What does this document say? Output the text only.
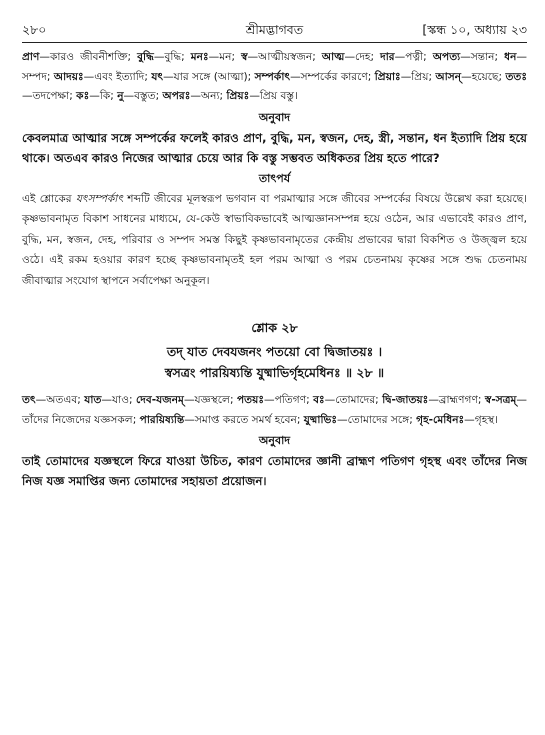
২৮০	শ্রীমদ্ভাগবত	[স্কন্ধ ১০, অধ্যায় ২৩

প্রাণ—কারও জীবনীশক্তি; বুদ্ধি—বুদ্ধি; মনঃ—মন; স্ব—আত্মীয়স্বজন; আত্ম—দেহ; দার—পত্নী; অপত্য—সন্তান; ধন—সম্পদ; আদয়ঃ—এবং ইত্যাদি; যৎ—যার সঙ্গে (আত্মা); সম্পর্কাৎ—সম্পর্কের কারণে; প্রিয়াঃ—প্রিয়; আসন্—হয়েছে; ততঃ—তদপেক্ষা; কঃ—কি; নু—বস্তুত; অপরঃ—অন্য; প্রিয়ঃ—প্রিয় বস্তু।

অনুবাদ

কেবলমাত্র আত্মার সঙ্গে সম্পর্কের ফলেই কারও প্রাণ, বুদ্ধি, মন, স্বজন, দেহ, স্ত্রী, সন্তান, ধন ইত্যাদি প্রিয় হয়ে থাকে। অতএব কারও নিজের আত্মার চেয়ে আর কি বস্তু সম্ভবত অধিকতর প্রিয় হতে পারে?

তাৎপর্য

এই শ্লোকের যৎসম্পর্কাৎ শব্দটি জীবের মূলস্বরূপ ভগবান বা পরমাত্মার সঙ্গে জীবের সম্পর্কের বিষয়ে উল্লেখ করা হয়েছে। কৃষ্ণভাবনামৃত বিকাশ সাধনের মাধ্যমে, যে-কেউ স্বাভাবিকভাবেই আত্মজ্ঞানসম্পন্ন হয়ে ওঠেন, আর এভাবেই কারও প্রাণ, বুদ্ধি, মন, স্বজন, দেহ, পরিবার ও সম্পদ সমস্ত কিছুই কৃষ্ণভাবনামৃতের কেন্দ্রীয় প্রভাবের দ্বারা বিকশিত ও উজ্জ্বল হয়ে ওঠে। এই রকম হওয়ার কারণ হচ্ছে কৃষ্ণভাবনামৃতই হল পরম আত্মা ও পরম চেতনাময় কৃষ্ণের সঙ্গে শুদ্ধ চেতনাময় জীবাত্মার সংযোগ স্থাপনে সর্বাপেক্ষা অনুকূল।

শ্লোক ২৮
তদ্ যাত দেবযজনং পতয়ো বো দ্বিজাতয়ঃ ।
স্বসত্রং পারয়িষ্যন্তি যুষ্মাভির্গৃহমেধিনঃ ॥ ২৮ ॥

তৎ—অতএব; যাত—যাও; দেব-যজনম্—যজ্ঞস্থলে; পতয়ঃ—পতিগণ; বঃ—তোমাদের; দ্বি-জাতয়ঃ—ব্রাহ্মণগণ; স্ব-সত্রম্—তাঁদের নিজেদের যজ্ঞসকল; পারয়িষ্যন্তি—সমাপ্ত করতে সমর্থ হবেন; যুষ্মাভিঃ—তোমাদের সঙ্গে; গৃহ-মেধিনঃ—গৃহস্থ।

অনুবাদ

তাই তোমাদের যজ্ঞস্থলে ফিরে যাওয়া উচিত, কারণ তোমাদের জ্ঞানী ব্রাহ্মণ পতিগণ গৃহস্থ এবং তাঁদের নিজ নিজ যজ্ঞ সমাপ্তির জন্য তোমাদের সহায়তা প্রয়োজন।
